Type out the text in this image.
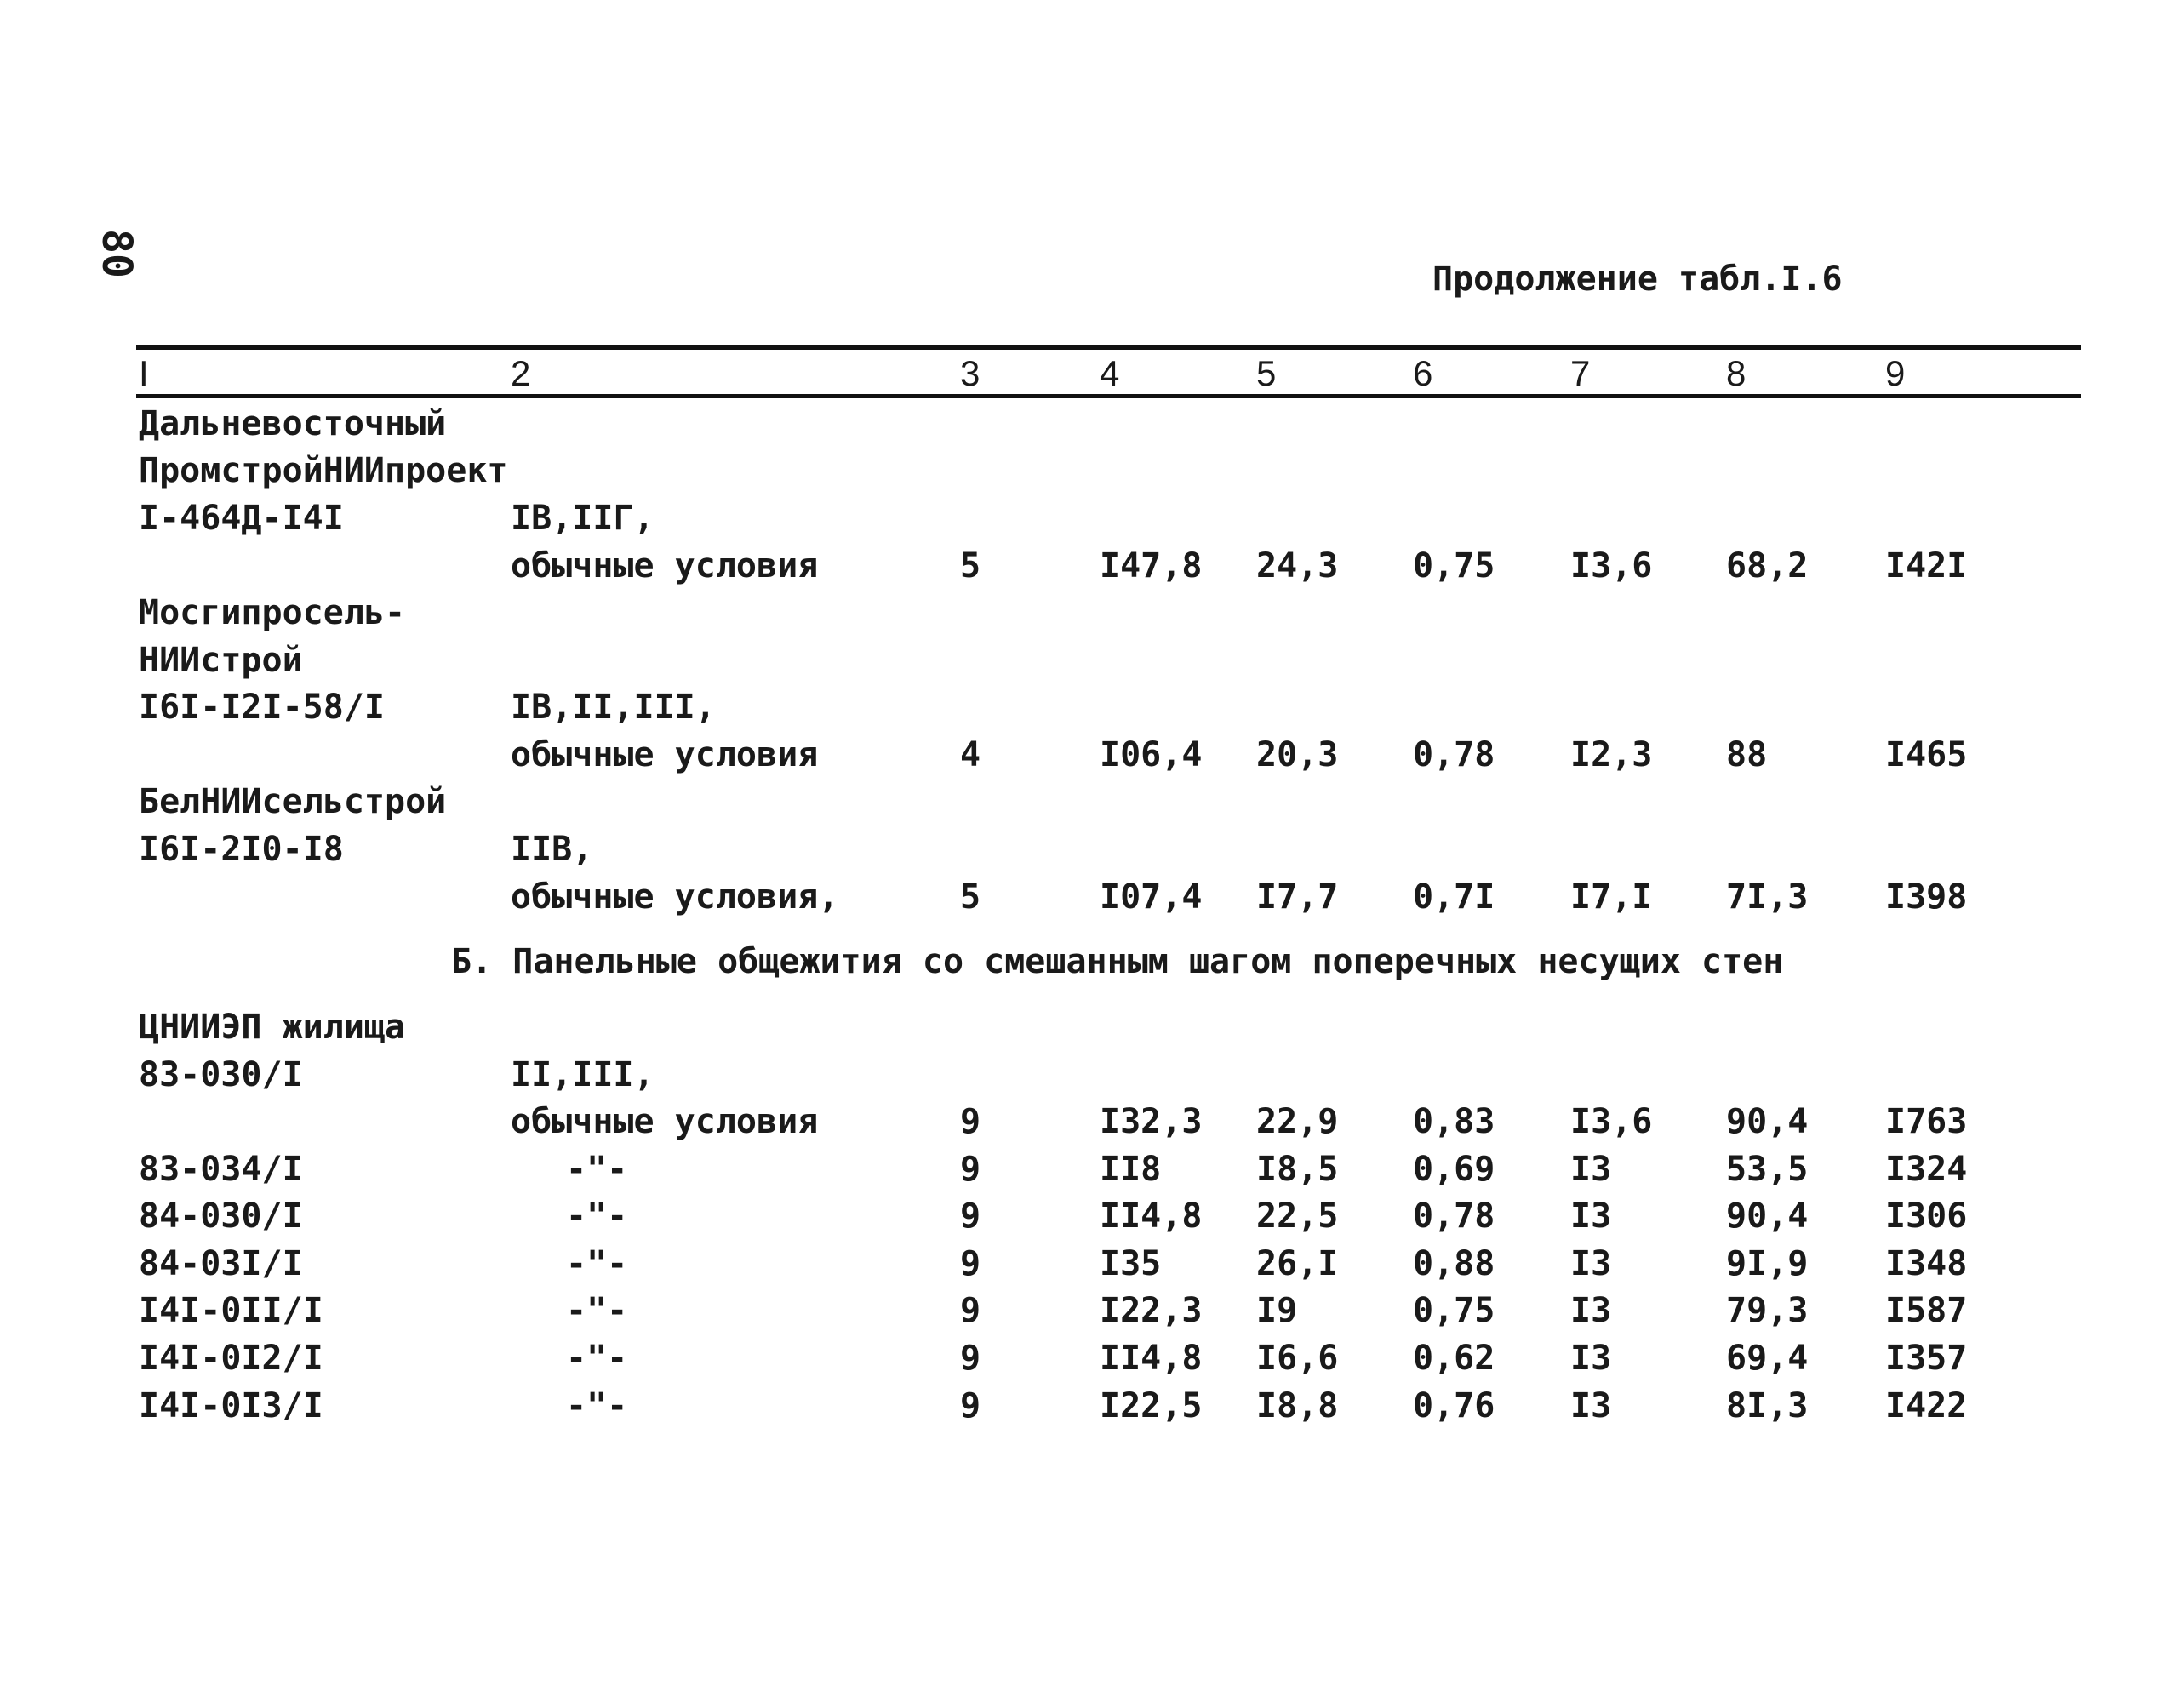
80
Продолжение табл.I.6
I	2	3	4	5	6	7	8	9
Дальневосточный
ПромстройНИИпроект
I-464Д-I4I	IВ,IIГ,
обычные условия	5	I47,8 24,3 0,75 I3,6 68,2 I42I
Мосгипросель-
НИИстрой
I6I-I2I-58/I	IВ,II,III,
обычные условия	4	I06,4 20,3 0,78 I2,3 88	I465
БелНИИсельстрой
I6I-2I0-I8	IIВ,
обычные условия,	5	I07,4 I7,7 0,7I I7,I 7I,3 I398
Б. Панельные общежития со смешанным шагом поперечных несущих стен
ЦНИИЭП жилища
83-030/I	II,III,
обычные условия	9	I32,3 22,9 0,83 I3,6 90,4 I763
83-034/I	-"-	9	II8	I8,5 0,69 I3	53,5 I324
84-030/I	-"-	9	II4,8 22,5 0,78 I3	90,4 I306
84-03I/I	-"-	9	I35	26,I 0,88 I3	9I,9 I348
I4I-0II/I	-"-	9	I22,3 I9	0,75 I3	79,3 I587
I4I-0I2/I	-"-	9	II4,8 I6,6 0,62 I3	69,4 I357
I4I-0I3/I	-"-	9	I22,5 I8,8 0,76 I3	8I,3 I422
